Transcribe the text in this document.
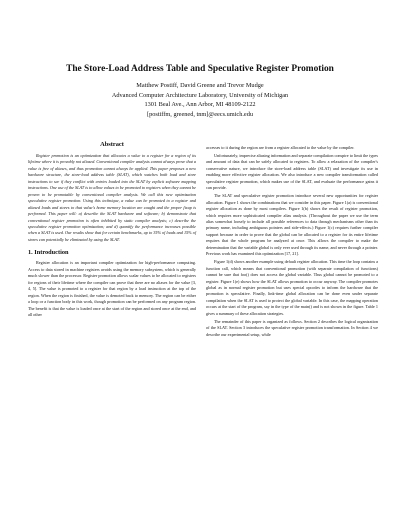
The Store-Load Address Table and Speculative Register Promotion
Matthew Postiff, David Greene and Trevor Mudge
Advanced Computer Architecture Laboratory, University of Michigan
1301 Beal Ave., Ann Arbor, MI 48109-2122
[postiffm, greened, tnm]@eecs.umich.edu
Abstract

Register promotion is an optimization that allocates a value to a register for a region of its lifetime where it is provably not aliased. Conventional compiler analysis cannot always prove that a value is free of aliases, and thus promotion cannot always be applied. This paper proposes a new hardware structure, the store-load address table (SLAT), which watches both load and store instructions to see if they conflict with entries loaded into the SLAT by explicit software mapping instructions. One use of the SLAT is to allow values to be promoted to registers when they cannot be proven to be promotable by conventional compiler analysis. We call this new optimization speculative register promotion. Using this technique, a value can be promoted to a register and aliased loads and stores to that value's home memory location are caught and the proper fixup is performed. This paper will: a) describe the SLAT hardware and software; b) demonstrate that conventional register promotion is often inhibited by static compiler analysis; c) describe the speculative register promotion optimization; and d) quantify the performance increases possible when a SLAT is used. Our results show that for certain benchmarks, up to 35% of loads and 15% of stores can potentially be eliminated by using the SLAT.

1. Introduction

Register allocation is an important compiler optimization for high-performance computing. Access to data stored in machine registers avoids using the memory subsystem, which is generally much slower than the processor. Register promotion allows scalar values to be allocated to registers for regions of their lifetime where the compiler can prove that there are no aliases for the value [3, 4, 5]. The value is promoted to a register for that region by a load instruction at the top of the region. When the region is finished, the value is demoted back to memory. The region can be either a loop or a function body in this work, though promotion can be performed on any program region. The benefit is that the value is loaded once at the start of the region and stored once at the end, and all other

accesses to it during the region are from a register allocated to the value by the compiler.

Unfortunately, imprecise aliasing information and separate compilation conspire to limit the types and amount of data that can be safely allocated to registers. To allow a relaxation of the compiler's conservative nature, we introduce the store-load address table (SLAT) and investigate its use in enabling more effective register allocation. We also introduce a new compiler transformation called speculative register promotion, which makes use of the SLAT, and evaluate the performance gains it can provide.

The SLAT and speculative register promotion introduce several new opportunities for register allocation. Figure 1 shows the combinations that we consider in this paper. Figure 1(a) is conventional register allocation as done by most compilers. Figure 1(b) shows the result of register promotion, which requires more sophisticated compiler alias analysis. (Throughout the paper we use the term alias somewhat loosely to include all possible references to data through mechanisms other than its primary name, including ambiguous pointers and side-effects.) Figure 1(c) requires further compiler support because in order to prove that the global can be allocated to a register for its entire lifetime requires that the whole program be analyzed at once. This allows the compiler to make the determination that the variable global is only ever used through its name, and never through a pointer. Previous work has examined this optimization [17, 21].

Figure 1(d) shows another example using default register allocation. This time the loop contains a function call, which means that conventional promotion (with separate compilation of functions) cannot be sure that foo() does not access the global variable. Thus global cannot be promoted to a register. Figure 1(e) shows how the SLAT allows promotion to occur anyway. The compiler promotes global as in normal register promotion but uses special opcodes to inform the hardware that the promotion is speculative. Finally, link-time global allocation can be done even under separate compilation when the SLAT is used to protect the global variable. In this case, the mapping operation occurs at the start of the program, say in the type of the main() and is not shown in the figure. Table 1 gives a summary of these allocation strategies.

The remainder of this paper is organized as follows. Section 2 describes the logical organization of the SLAT. Section 3 introduces the speculative register promotion transformation. In Section 4 we describe our experimental setup, while
